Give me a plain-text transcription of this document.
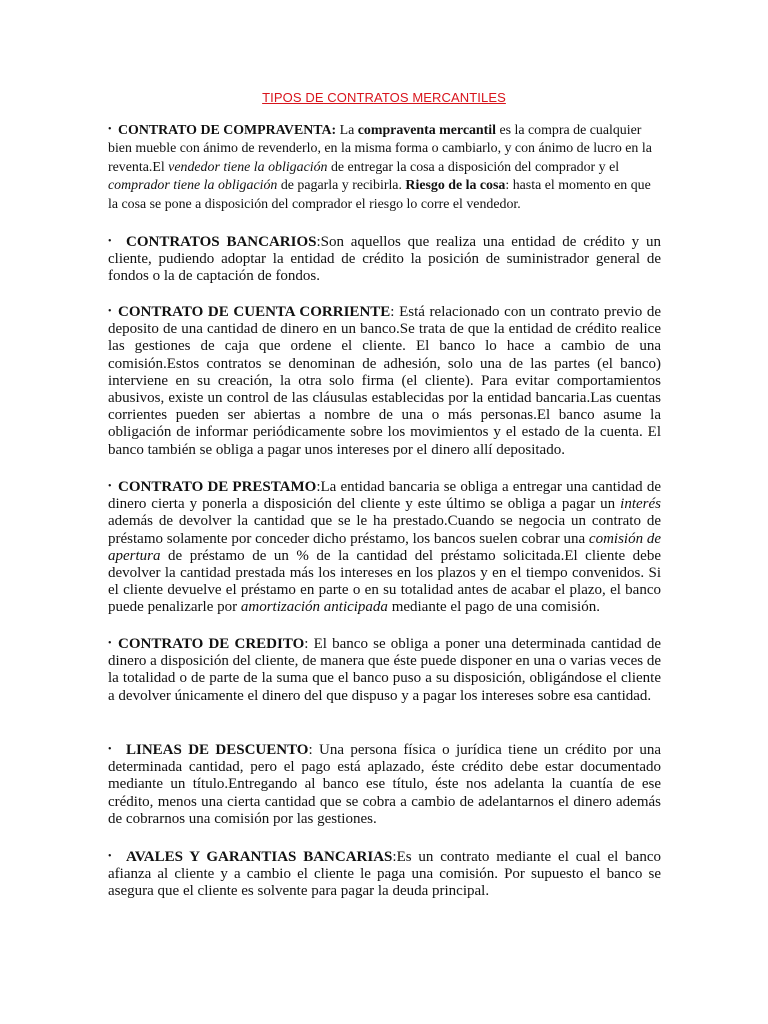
TIPOS DE CONTRATOS MERCANTILES

• CONTRATO DE COMPRAVENTA: La compraventa mercantil es la compra de cualquier bien mueble con ánimo de revenderlo, en la misma forma o cambiarlo, y con ánimo de lucro en la reventa.El vendedor tiene la obligación de entregar la cosa a disposición del comprador y el comprador tiene la obligación de pagarla y recibirla. Riesgo de la cosa: hasta el momento en que la cosa se pone a disposición del comprador el riesgo lo corre el vendedor.

• CONTRATOS BANCARIOS:Son aquellos que realiza una entidad de crédito y un cliente, pudiendo adoptar la entidad de crédito la posición de suministrador general de fondos o la de captación de fondos.

• CONTRATO DE CUENTA CORRIENTE: Está relacionado con un contrato previo de deposito de una cantidad de dinero en un banco.Se trata de que la entidad de crédito realice las gestiones de caja que ordene el cliente. El banco lo hace a cambio de una comisión.Estos contratos se denominan de adhesión, solo una de las partes (el banco) interviene en su creación, la otra solo firma (el cliente). Para evitar comportamientos abusivos, existe un control de las cláusulas establecidas por la entidad bancaria.Las cuentas corrientes pueden ser abiertas a nombre de una o más personas.El banco asume la obligación de informar periódicamente sobre los movimientos y el estado de la cuenta. El banco también se obliga a pagar unos intereses por el dinero allí depositado.

• CONTRATO DE PRESTAMO:La entidad bancaria se obliga a entregar una cantidad de dinero cierta y ponerla a disposición del cliente y este último se obliga a pagar un interés además de devolver la cantidad que se le ha prestado.Cuando se negocia un contrato de préstamo solamente por conceder dicho préstamo, los bancos suelen cobrar una comisión de apertura de préstamo de un % de la cantidad del préstamo solicitada.El cliente debe devolver la cantidad prestada más los intereses en los plazos y en el tiempo convenidos. Si el cliente devuelve el préstamo en parte o en su totalidad antes de acabar el plazo, el banco puede penalizarle por amortización anticipada mediante el pago de una comisión.

• CONTRATO DE CREDITO: El banco se obliga a poner una determinada cantidad de dinero a disposición del cliente, de manera que éste puede disponer en una o varias veces de la totalidad o de parte de la suma que el banco puso a su disposición, obligándose el cliente a devolver únicamente el dinero del que dispuso y a pagar los intereses sobre esa cantidad.

• LINEAS DE DESCUENTO: Una persona física o jurídica tiene un crédito por una determinada cantidad, pero el pago está aplazado, éste crédito debe estar documentado mediante un título.Entregando al banco ese título, éste nos adelanta la cuantía de ese crédito, menos una cierta cantidad que se cobra a cambio de adelantarnos el dinero además de cobrarnos una comisión por las gestiones.

• AVALES Y GARANTIAS BANCARIAS:Es un contrato mediante el cual el banco afianza al cliente y a cambio el cliente le paga una comisión. Por supuesto el banco se asegura que el cliente es solvente para pagar la deuda principal.
